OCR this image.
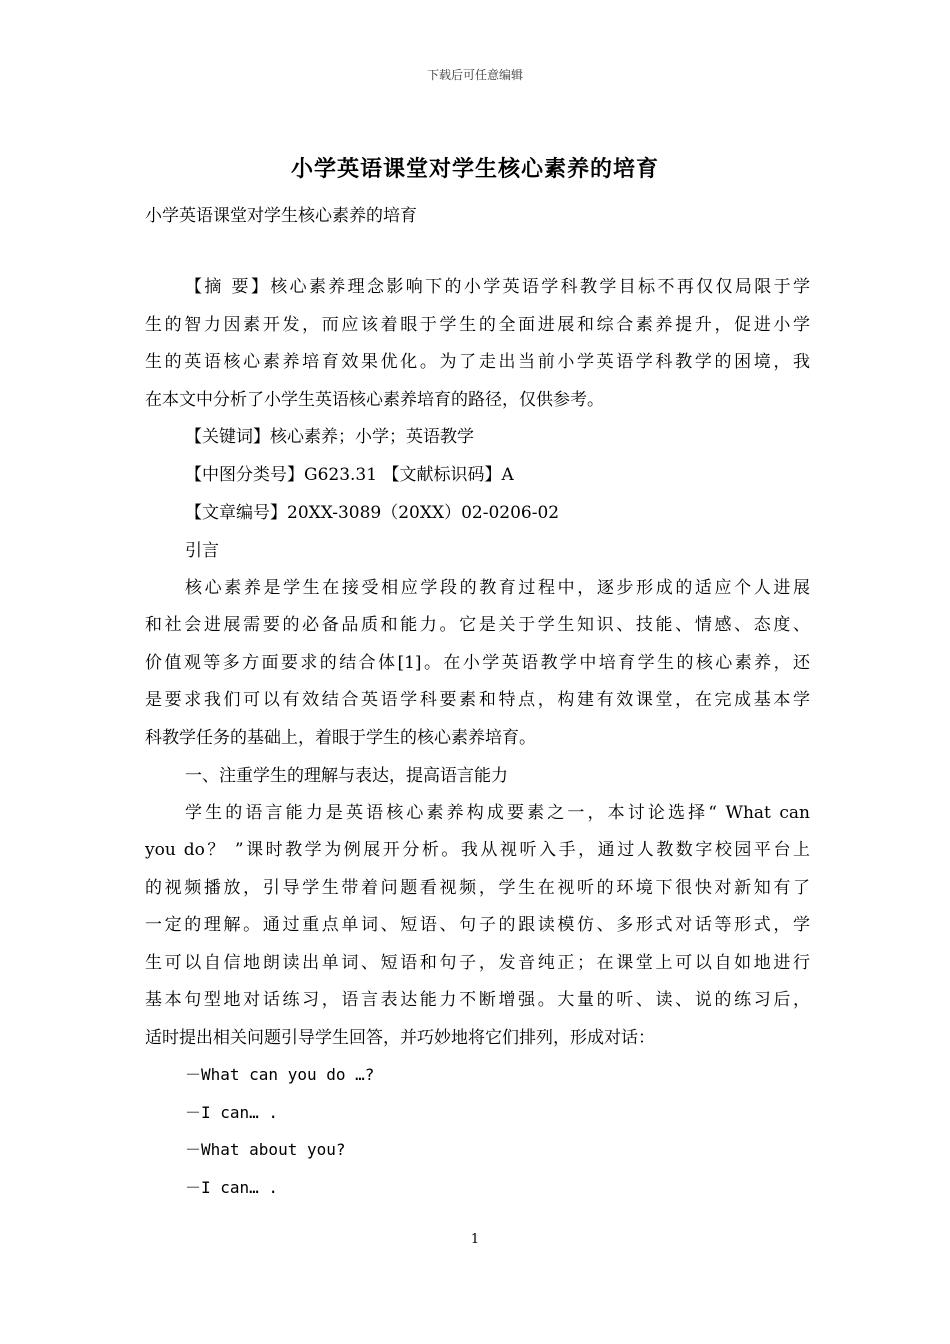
下载后可任意编辑
小学英语课堂对学生核心素养的培育
小学英语课堂对学生核心素养的培育
【摘 要】核心素养理念影响下的小学英语学科教学目标不再仅仅局限于学
生的智力因素开发，而应该着眼于学生的全面进展和综合素养提升，促进小学
生的英语核心素养培育效果优化。为了走出当前小学英语学科教学的困境，我
在本文中分析了小学生英语核心素养培育的路径，仅供参考。
【关键词】核心素养；小学；英语教学
【中图分类号】G623.31 【文献标识码】A
【文章编号】20XX-3089（20XX）02-0206-02
引言
核心素养是学生在接受相应学段的教育过程中，逐步形成的适应个人进展
和社会进展需要的必备品质和能力。它是关于学生知识、技能、情感、态度、
价值观等多方面要求的结合体[1]。在小学英语教学中培育学生的核心素养，还
是要求我们可以有效结合英语学科要素和特点，构建有效课堂，在完成基本学
科教学任务的基础上，着眼于学生的核心素养培育。
一、注重学生的理解与表达，提高语言能力
学生的语言能力是英语核心素养构成要素之一，本讨论选择“ What can
you do？ ”课时教学为例展开分析。我从视听入手，通过人教数字校园平台上
的视频播放，引导学生带着问题看视频，学生在视听的环境下很快对新知有了
一定的理解。通过重点单词、短语、句子的跟读模仿、多形式对话等形式，学
生可以自信地朗读出单词、短语和句子，发音纯正；在课堂上可以自如地进行
基本句型地对话练习，语言表达能力不断增强。大量的听、读、说的练习后，
适时提出相关问题引导学生回答，并巧妙地将它们排列，形成对话：
－What can you do …?
－I can… .
－What about you?
－I can… .
1
